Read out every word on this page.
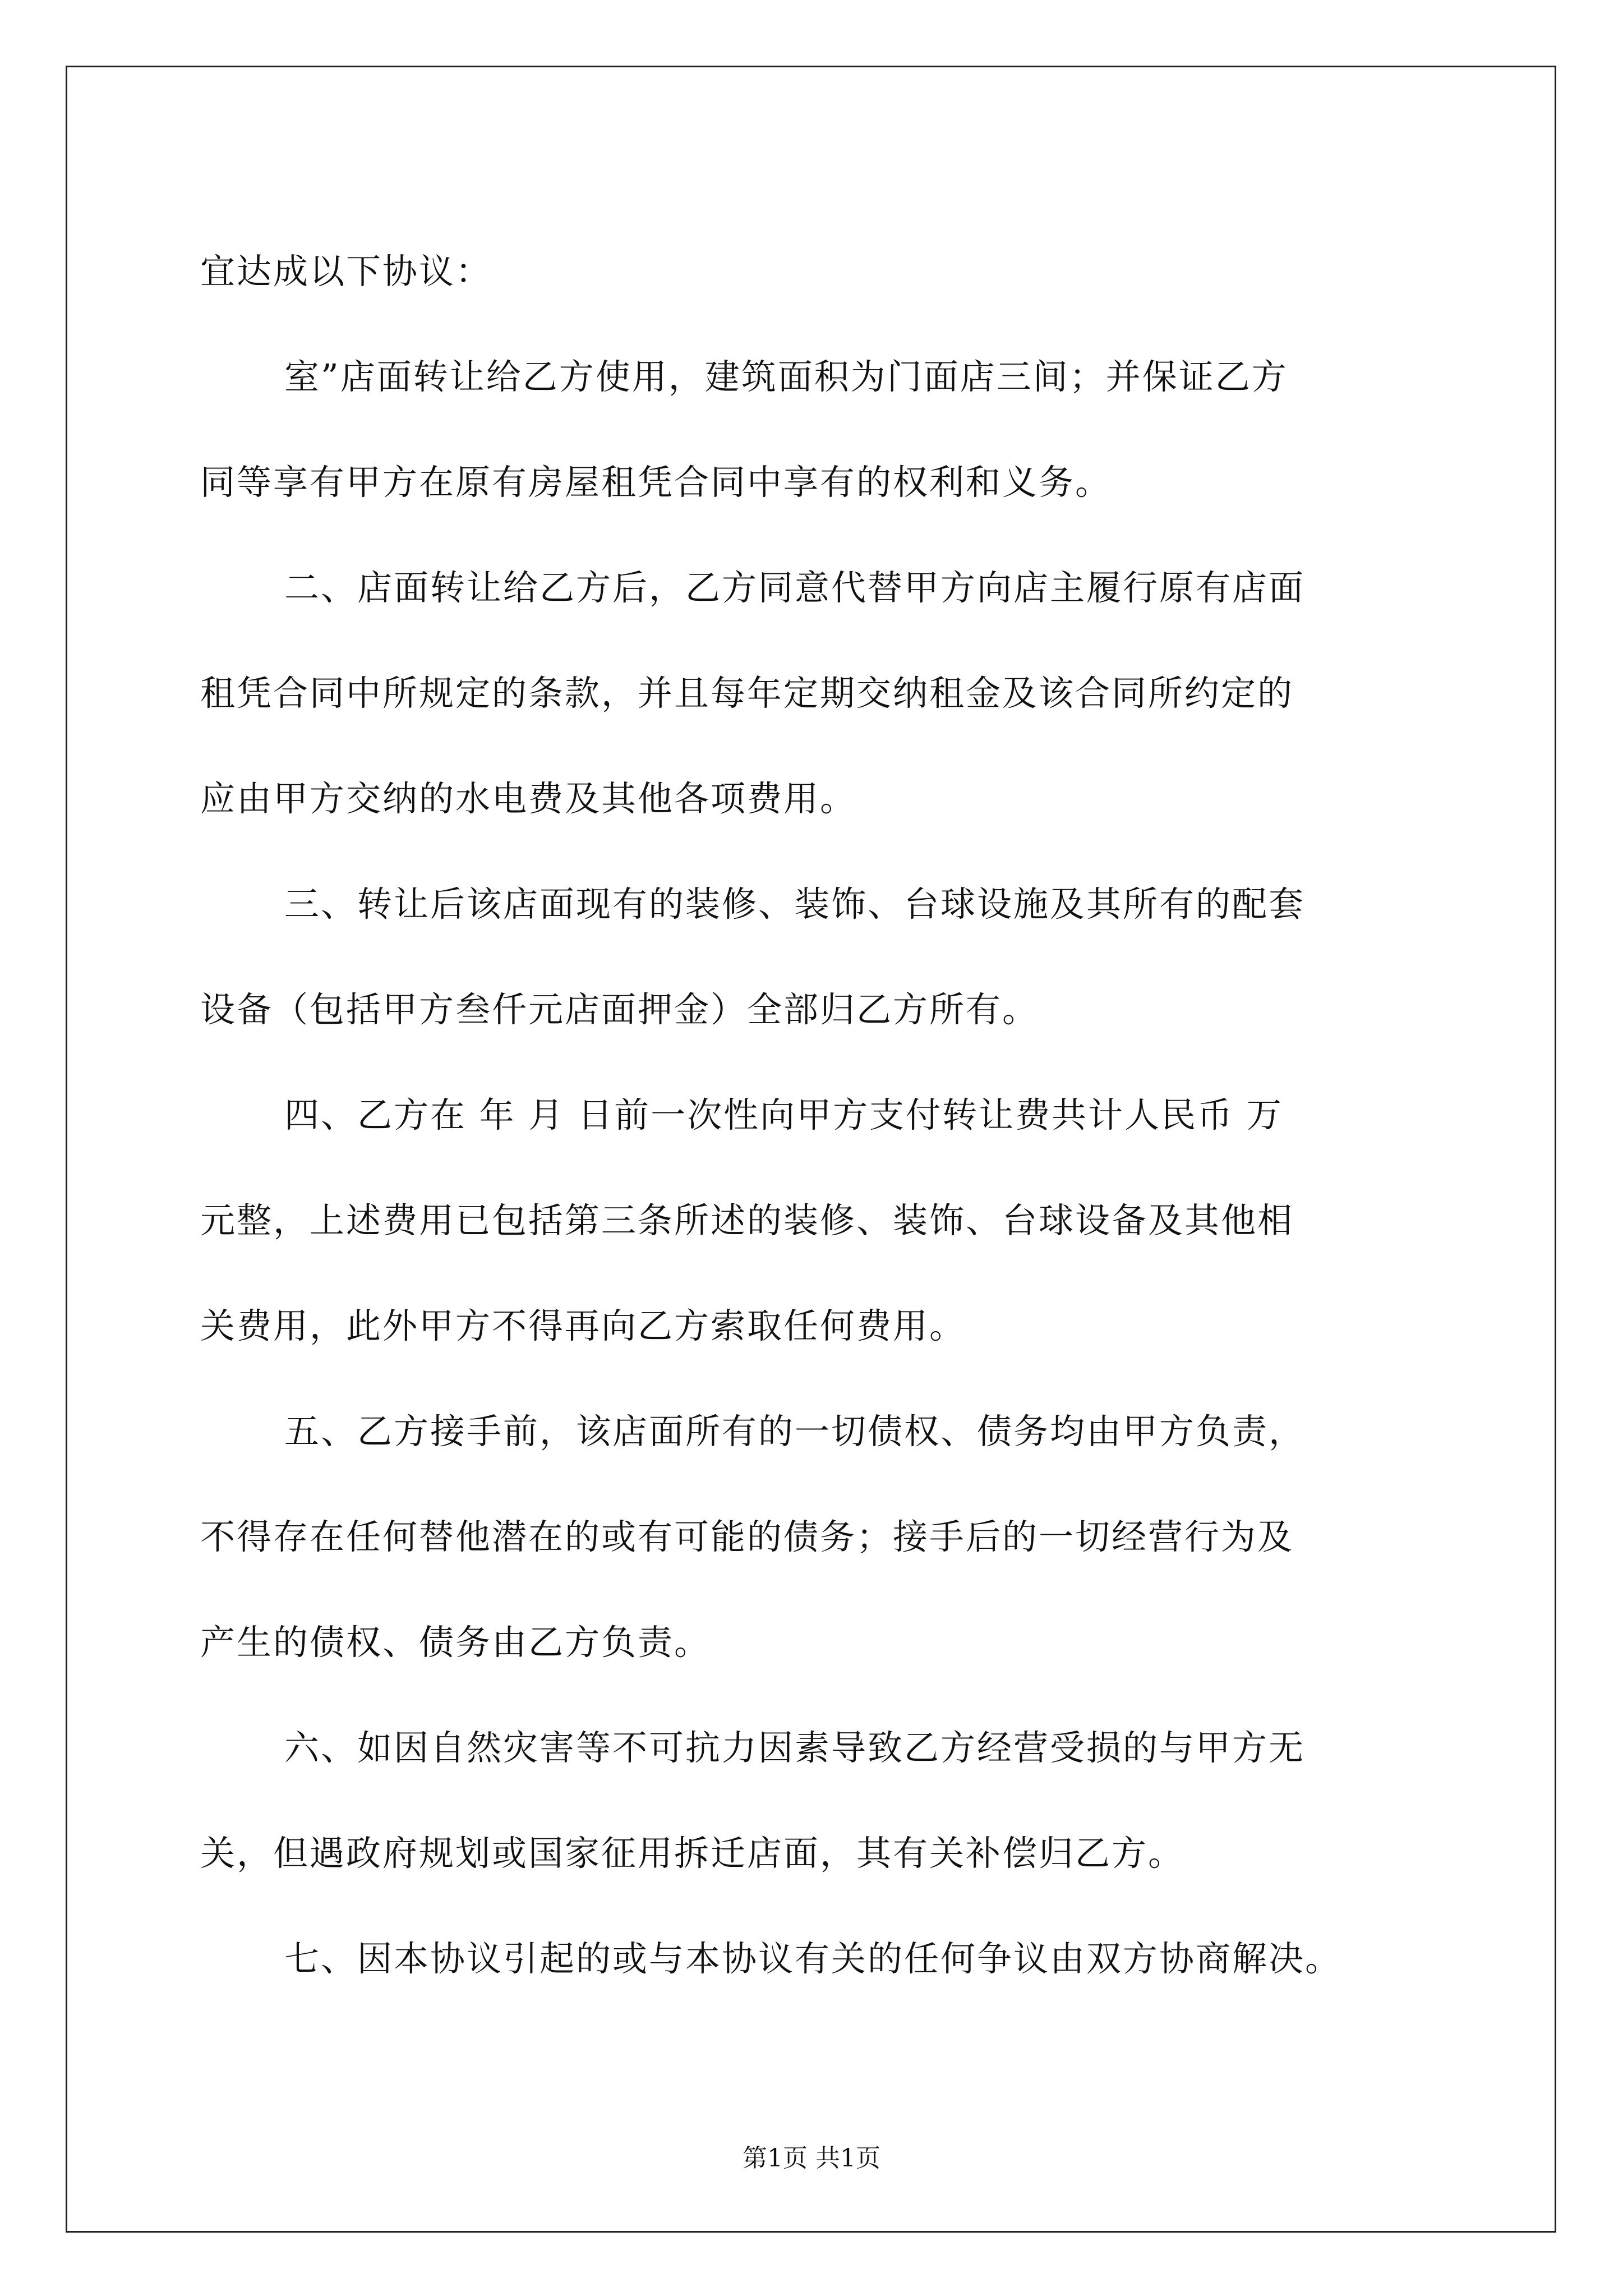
宜达成以下协议：
室”店面转让给乙方使用，建筑面积为门面店三间；并保证乙方
同等享有甲方在原有房屋租凭合同中享有的权利和义务。
二、店面转让给乙方后，乙方同意代替甲方向店主履行原有店面
租凭合同中所规定的条款，并且每年定期交纳租金及该合同所约定的
应由甲方交纳的水电费及其他各项费用。
三、转让后该店面现有的装修、装饰、台球设施及其所有的配套
设备（包括甲方叁仟元店面押金）全部归乙方所有。
四、乙方在 年 月 日前一次性向甲方支付转让费共计人民币 万
元整，上述费用已包括第三条所述的装修、装饰、台球设备及其他相
关费用，此外甲方不得再向乙方索取任何费用。
五、乙方接手前，该店面所有的一切债权、债务均由甲方负责，
不得存在任何替他潜在的或有可能的债务；接手后的一切经营行为及
产生的债权、债务由乙方负责。
六、如因自然灾害等不可抗力因素导致乙方经营受损的与甲方无
关，但遇政府规划或国家征用拆迁店面，其有关补偿归乙方。
七、因本协议引起的或与本协议有关的任何争议由双方协商解决。
第1页 共1页
